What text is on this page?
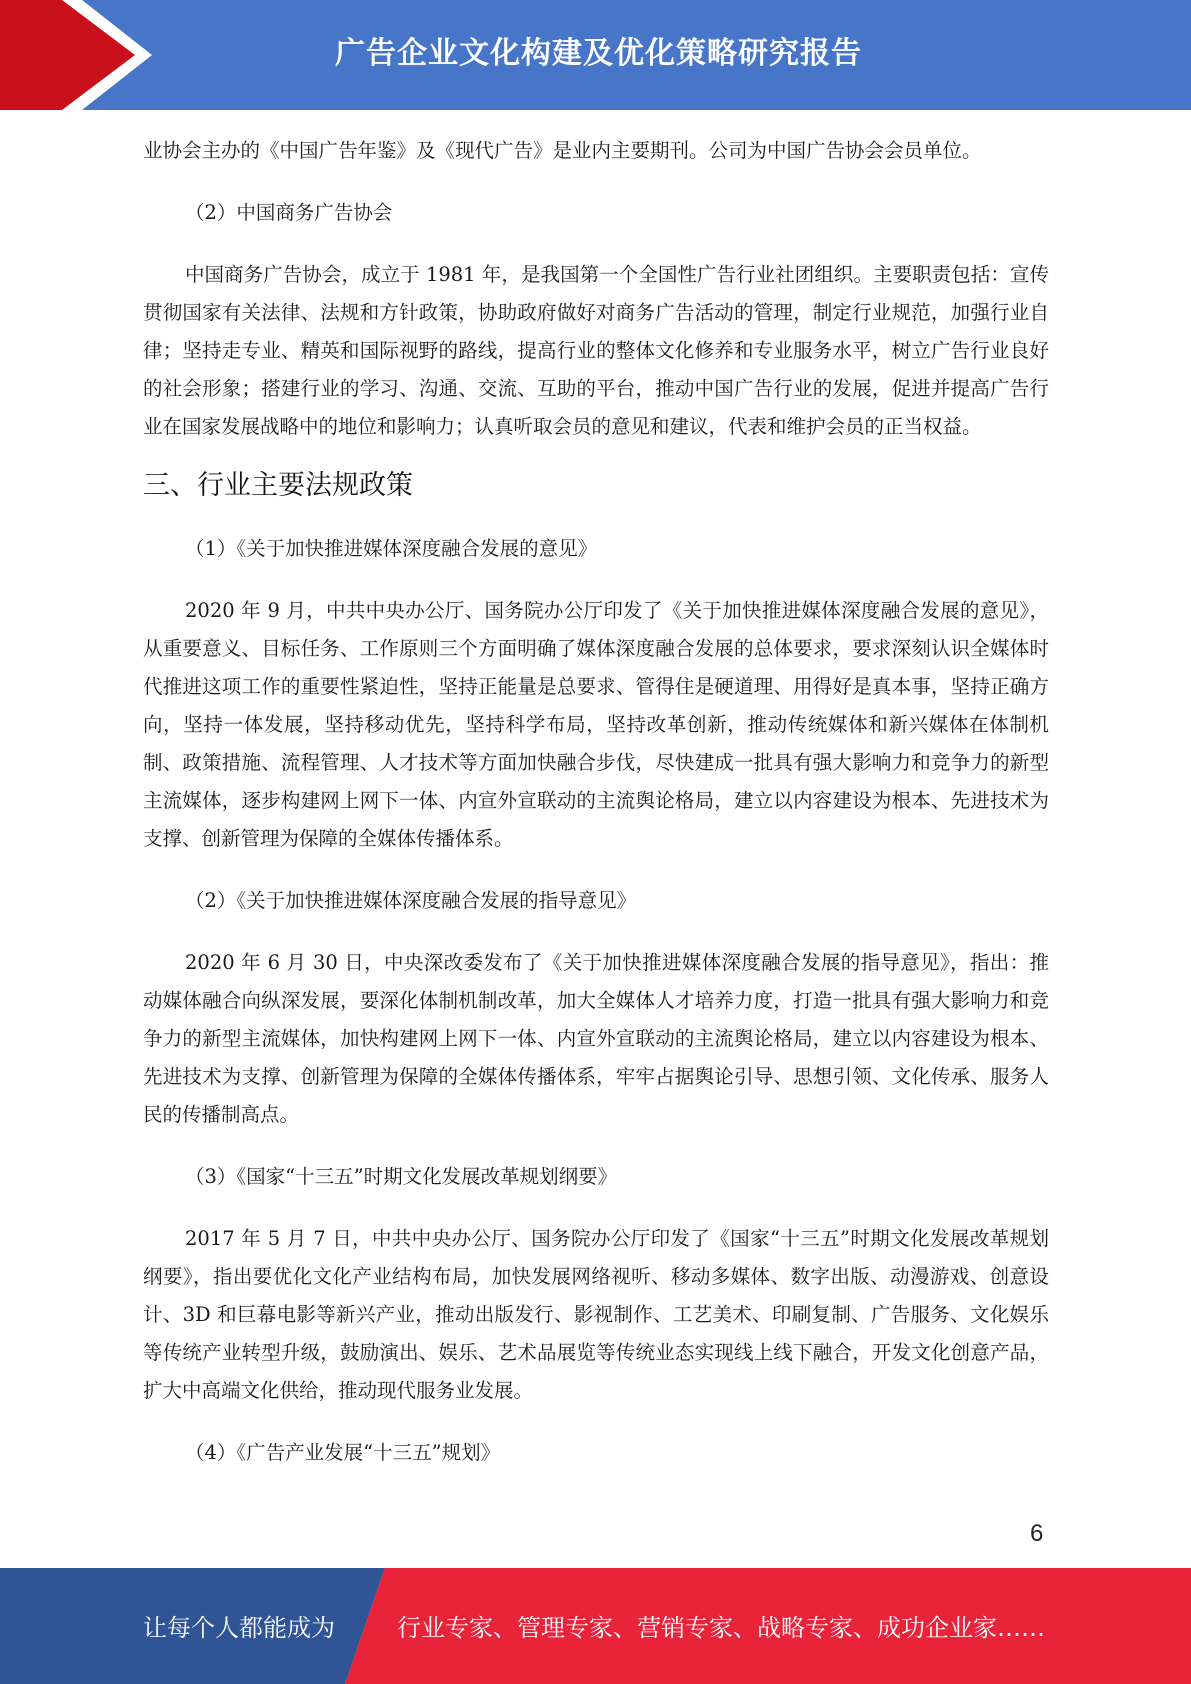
广告企业文化构建及优化策略研究报告

业协会主办的《中国广告年鉴》及《现代广告》是业内主要期刊。公司为中国广告协会会员单位。

（2）中国商务广告协会

中国商务广告协会，成立于 1981 年，是我国第一个全国性广告行业社团组织。主要职责包括：宣传贯彻国家有关法律、法规和方针政策，协助政府做好对商务广告活动的管理，制定行业规范，加强行业自律；坚持走专业、精英和国际视野的路线，提高行业的整体文化修养和专业服务水平，树立广告行业良好的社会形象；搭建行业的学习、沟通、交流、互助的平台，推动中国广告行业的发展，促进并提高广告行业在国家发展战略中的地位和影响力；认真听取会员的意见和建议，代表和维护会员的正当权益。

三、行业主要法规政策

（1）《关于加快推进媒体深度融合发展的意见》

2020 年 9 月，中共中央办公厅、国务院办公厅印发了《关于加快推进媒体深度融合发展的意见》，从重要意义、目标任务、工作原则三个方面明确了媒体深度融合发展的总体要求，要求深刻认识全媒体时代推进这项工作的重要性紧迫性，坚持正能量是总要求、管得住是硬道理、用得好是真本事，坚持正确方向，坚持一体发展，坚持移动优先，坚持科学布局，坚持改革创新，推动传统媒体和新兴媒体在体制机制、政策措施、流程管理、人才技术等方面加快融合步伐，尽快建成一批具有强大影响力和竞争力的新型主流媒体，逐步构建网上网下一体、内宣外宣联动的主流舆论格局，建立以内容建设为根本、先进技术为支撑、创新管理为保障的全媒体传播体系。

（2）《关于加快推进媒体深度融合发展的指导意见》

2020 年 6 月 30 日，中央深改委发布了《关于加快推进媒体深度融合发展的指导意见》，指出：推动媒体融合向纵深发展，要深化体制机制改革，加大全媒体人才培养力度，打造一批具有强大影响力和竞争力的新型主流媒体，加快构建网上网下一体、内宣外宣联动的主流舆论格局，建立以内容建设为根本、先进技术为支撑、创新管理为保障的全媒体传播体系，牢牢占据舆论引导、思想引领、文化传承、服务人民的传播制高点。

（3）《国家“十三五”时期文化发展改革规划纲要》

2017 年 5 月 7 日，中共中央办公厅、国务院办公厅印发了《国家“十三五”时期文化发展改革规划纲要》，指出要优化文化产业结构布局，加快发展网络视听、移动多媒体、数字出版、动漫游戏、创意设计、3D 和巨幕电影等新兴产业，推动出版发行、影视制作、工艺美术、印刷复制、广告服务、文化娱乐等传统产业转型升级，鼓励演出、娱乐、艺术品展览等传统业态实现线上线下融合，开发文化创意产品，扩大中高端文化供给，推动现代服务业发展。

（4）《广告产业发展“十三五”规划》

6
让每个人都能成为	行业专家、管理专家、营销专家、战略专家、成功企业家……
